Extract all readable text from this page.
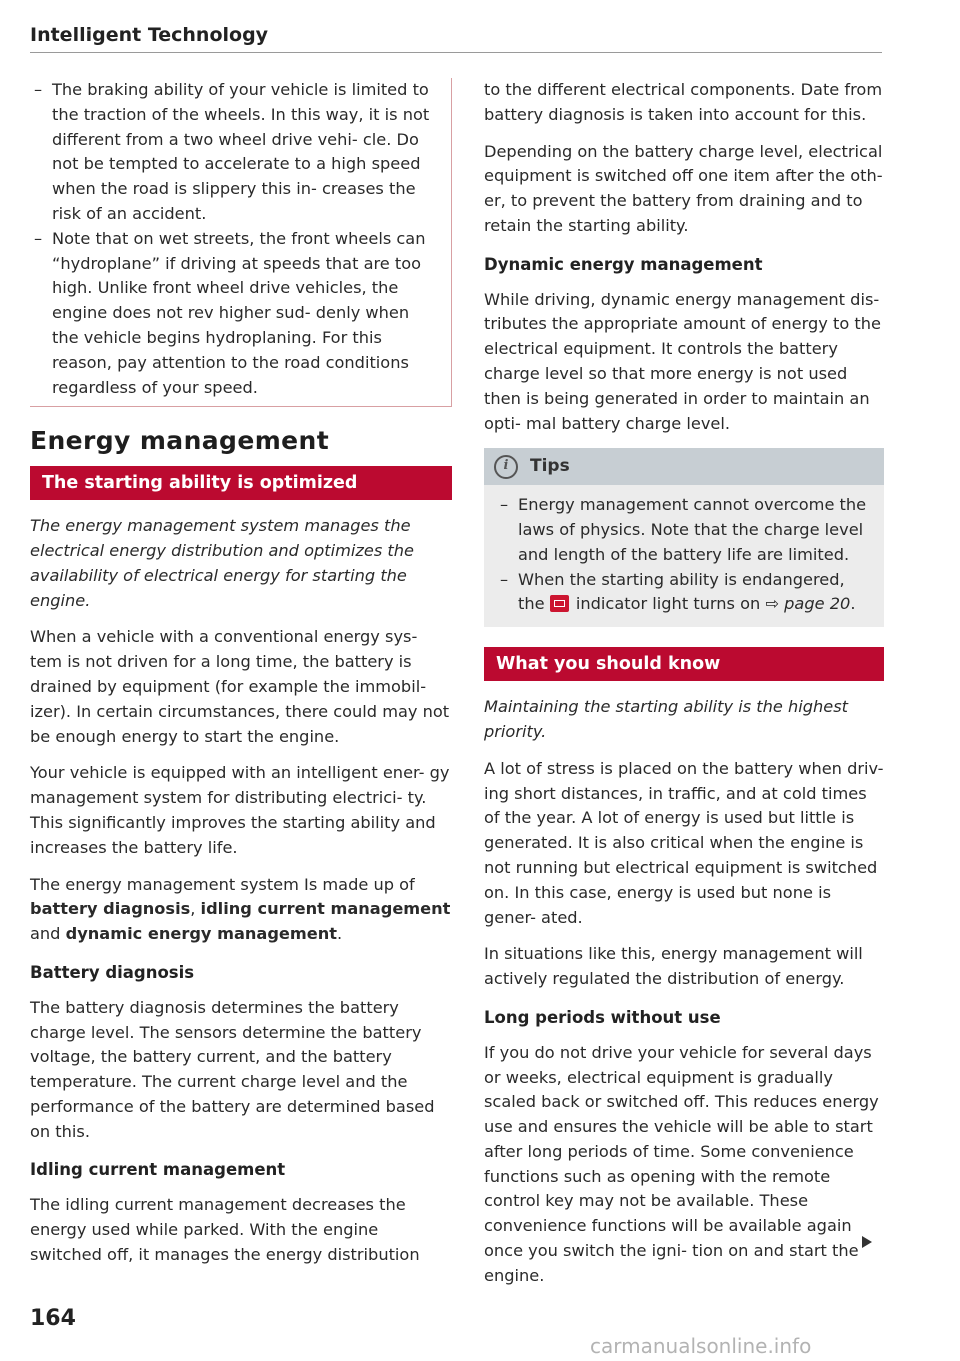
Intelligent Technology
– The braking ability of your vehicle is limited to the traction of the wheels. In this way, it is not different from a two wheel drive vehi- cle. Do not be tempted to accelerate to a high speed when the road is slippery this in- creases the risk of an accident.
– Note that on wet streets, the front wheels can “hydroplane” if driving at speeds that are too high. Unlike front wheel drive vehicles, the engine does not rev higher sud- denly when the vehicle begins hydroplaning. For this reason, pay attention to the road conditions regardless of your speed.
Energy management
The starting ability is optimized

The energy management system manages the electrical energy distribution and optimizes the availability of electrical energy for starting the engine.

When a vehicle with a conventional energy sys- tem is not driven for a long time, the battery is drained by equipment (for example the immobil- izer). In certain circumstances, there could may not be enough energy to start the engine.

Your vehicle is equipped with an intelligent ener- gy management system for distributing electrici- ty. This significantly improves the starting ability and increases the battery life.

The energy management system Is made up of battery diagnosis, idling current management and dynamic energy management.

Battery diagnosis

The battery diagnosis determines the battery charge level. The sensors determine the battery voltage, the battery current, and the battery temperature. The current charge level and the performance of the battery are determined based on this.

Idling current management

The idling current management decreases the energy used while parked. With the engine switched off, it manages the energy distribution

to the different electrical components. Date from battery diagnosis is taken into account for this.

Depending on the battery charge level, electrical equipment is switched off one item after the oth- er, to prevent the battery from draining and to retain the starting ability.

Dynamic energy management

While driving, dynamic energy management dis- tributes the appropriate amount of energy to the electrical equipment. It controls the battery charge level so that more energy is not used then is being generated in order to maintain an opti- mal battery charge level.

i	Tips
– Energy management cannot overcome the laws of physics. Note that the charge level and length of the battery life are limited.
– When the starting ability is endangered, the indicator light turns on ⇨ page 20.
What you should know

Maintaining the starting ability is the highest priority.

A lot of stress is placed on the battery when driv- ing short distances, in traffic, and at cold times of the year. A lot of energy is used but little is generated. It is also critical when the engine is not running but electrical equipment is switched on. In this case, energy is used but none is gener- ated.

In situations like this, energy management will actively regulated the distribution of energy.

Long periods without use

If you do not drive your vehicle for several days or weeks, electrical equipment is gradually scaled back or switched off. This reduces energy use and ensures the vehicle will be able to start after long periods of time. Some convenience functions such as opening with the remote control key may not be available. These convenience functions will be available again once you switch the igni- tion on and start the engine.

164
carmanualsonline.info
